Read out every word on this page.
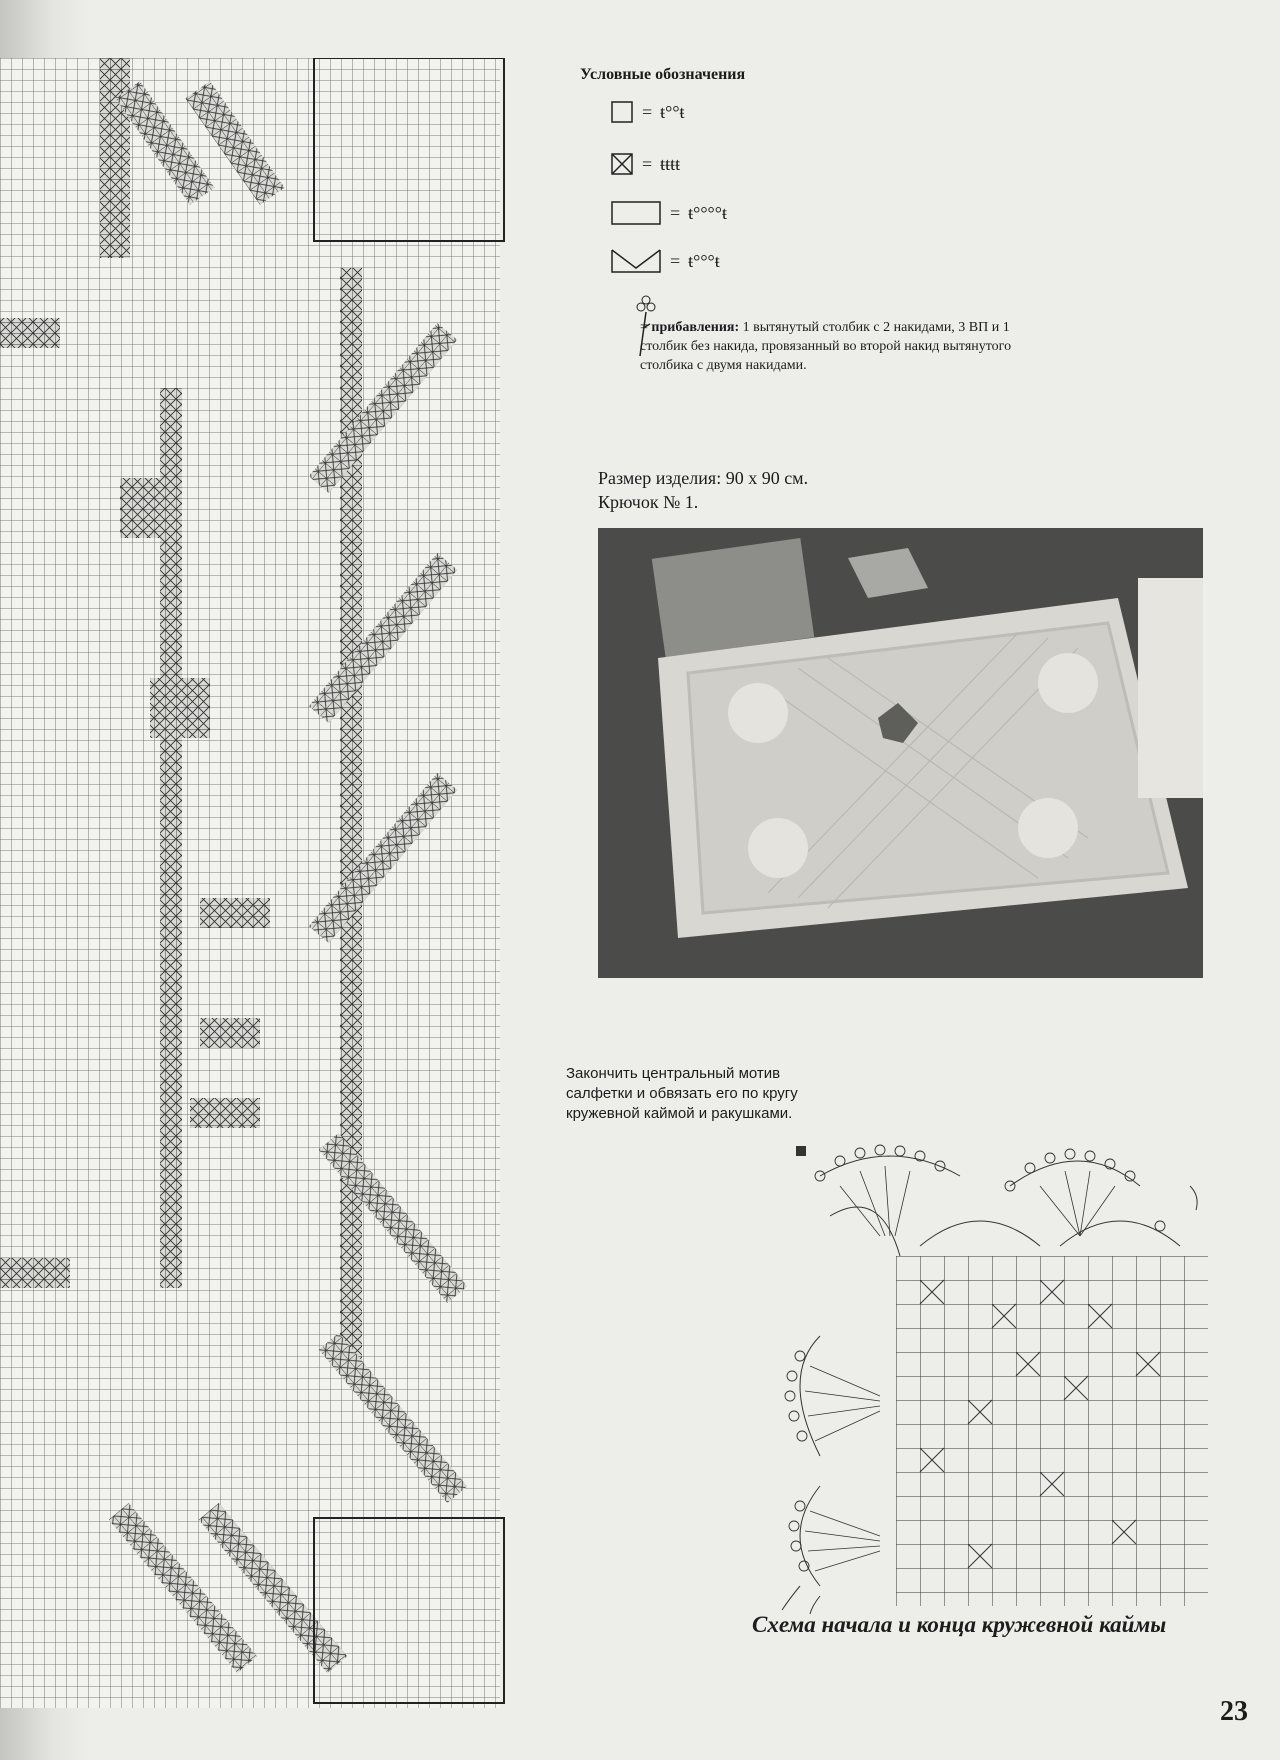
Условные обозначения
= ŧ°°ŧ
= ŧŧŧŧ
= ŧ°°°°ŧ
= ŧ°°°ŧ
= прибавления: 1 вытянутый столбик с 2 накидами, 3 ВП и 1 столбик без накида, провязанный во второй накид вытянутого столбика с двумя накидами.
Размер изделия: 90 х 90 см.
Крючок № 1.
Закончить центральный мотив салфетки и обвязать его по кругу кружевной каймой и ракушками.
Схема начала и конца кружевной каймы
23
